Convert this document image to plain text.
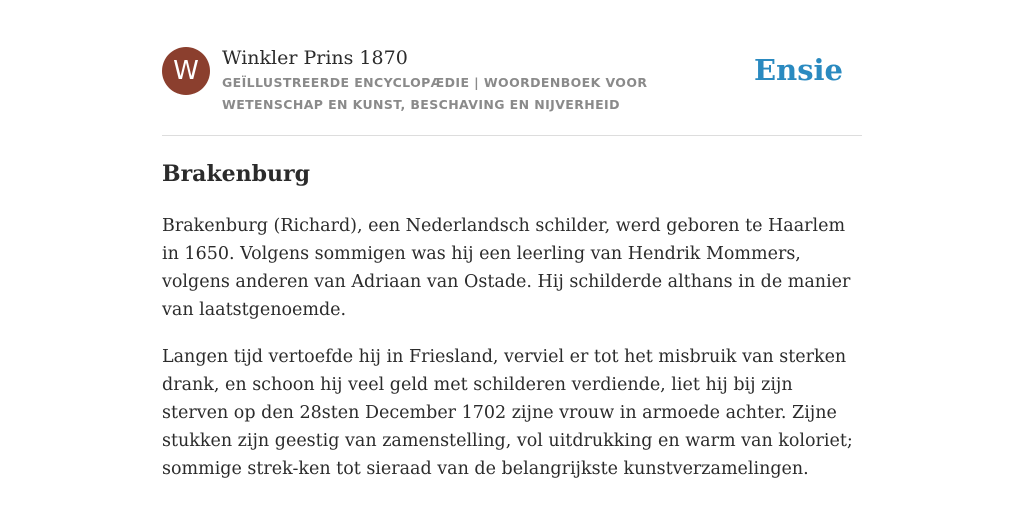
W	Winkler Prins 1870
GEÏLLUSTREERDE ENCYCLOPÆDIE | WOORDENBOEK VOOR WETENSCHAP EN KUNST, BESCHAVING EN NIJVERHEID
Ensie
Brakenburg

Brakenburg (Richard), een Nederlandsch schilder, werd geboren te Haarlem in 1650. Volgens sommigen was hij een leerling van Hendrik Mommers, volgens anderen van Adriaan van Ostade. Hij schilderde althans in de manier van laatstgenoemde.

Langen tijd vertoefde hij in Friesland, verviel er tot het misbruik van sterken drank, en schoon hij veel geld met schilderen verdiende, liet hij bij zijn sterven op den 28sten December 1702 zijne vrouw in armoede achter. Zijne stukken zijn geestig van zamenstelling, vol uitdrukking en warm van koloriet; sommige strek-ken tot sieraad van de belangrijkste kunstverzamelingen.
